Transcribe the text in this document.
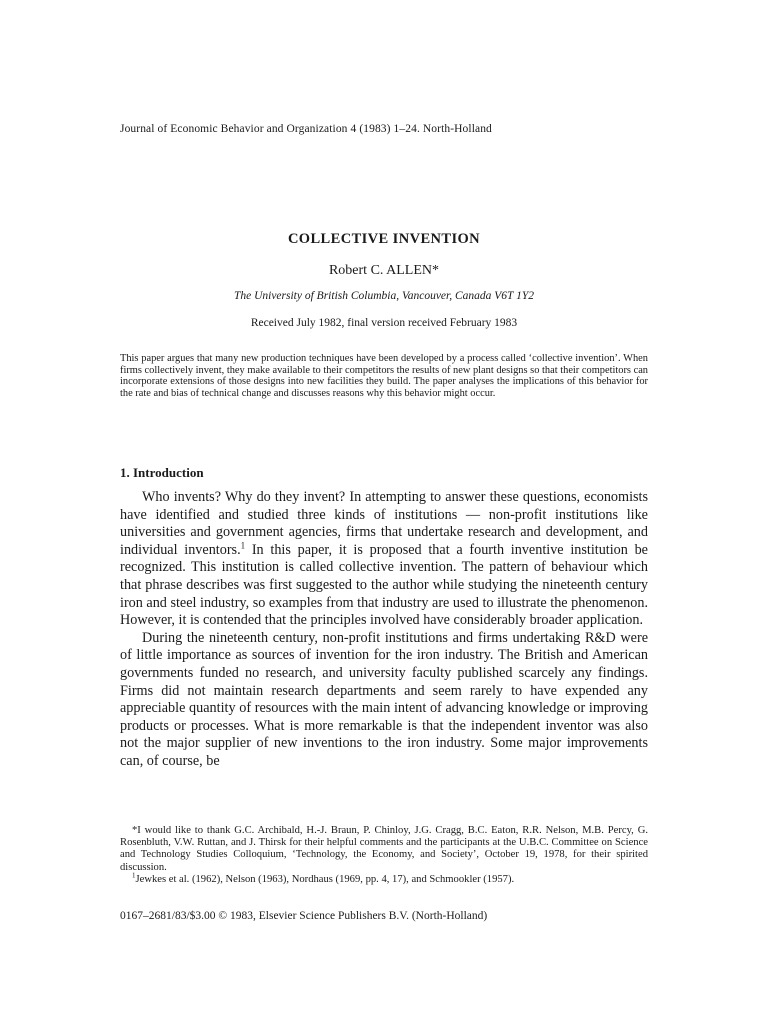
Journal of Economic Behavior and Organization 4 (1983) 1–24. North-Holland
COLLECTIVE INVENTION
Robert C. ALLEN*
The University of British Columbia, Vancouver, Canada V6T 1Y2
Received July 1982, final version received February 1983
This paper argues that many new production techniques have been developed by a process called ‘collective invention’. When firms collectively invent, they make available to their competitors the results of new plant designs so that their competitors can incorporate extensions of those designs into new facilities they build. The paper analyses the implications of this behavior for the rate and bias of technical change and discusses reasons why this behavior might occur.
1. Introduction

Who invents? Why do they invent? In attempting to answer these questions, economists have identified and studied three kinds of institutions — non-profit institutions like universities and government agencies, firms that undertake research and development, and individual inventors.$^1$ In this paper, it is proposed that a fourth inventive institution be recognized. This institution is called collective invention. The pattern of behaviour which that phrase describes was first suggested to the author while studying the nineteenth century iron and steel industry, so examples from that industry are used to illustrate the phenomenon. However, it is contended that the principles involved have considerably broader application.

During the nineteenth century, non-profit institutions and firms undertaking R&D were of little importance as sources of invention for the iron industry. The British and American governments funded no research, and university faculty published scarcely any findings. Firms did not maintain research departments and seem rarely to have expended any appreciable quantity of resources with the main intent of advancing knowledge or improving products or processes. What is more remarkable is that the independent inventor was also not the major supplier of new inventions to the iron industry. Some major improvements can, of course, be

*I would like to thank G.C. Archibald, H.-J. Braun, P. Chinloy, J.G. Cragg, B.C. Eaton, R.R. Nelson, M.B. Percy, G. Rosenbluth, V.W. Ruttan, and J. Thirsk for their helpful comments and the participants at the U.B.C. Committee on Science and Technology Studies Colloquium, ‘Technology, the Economy, and Society’, October 19, 1978, for their spirited discussion.

$^1$Jewkes et al. (1962), Nelson (1963), Nordhaus (1969, pp. 4, 17), and Schmookler (1957).

0167–2681/83/$3.00 © 1983, Elsevier Science Publishers B.V. (North-Holland)
